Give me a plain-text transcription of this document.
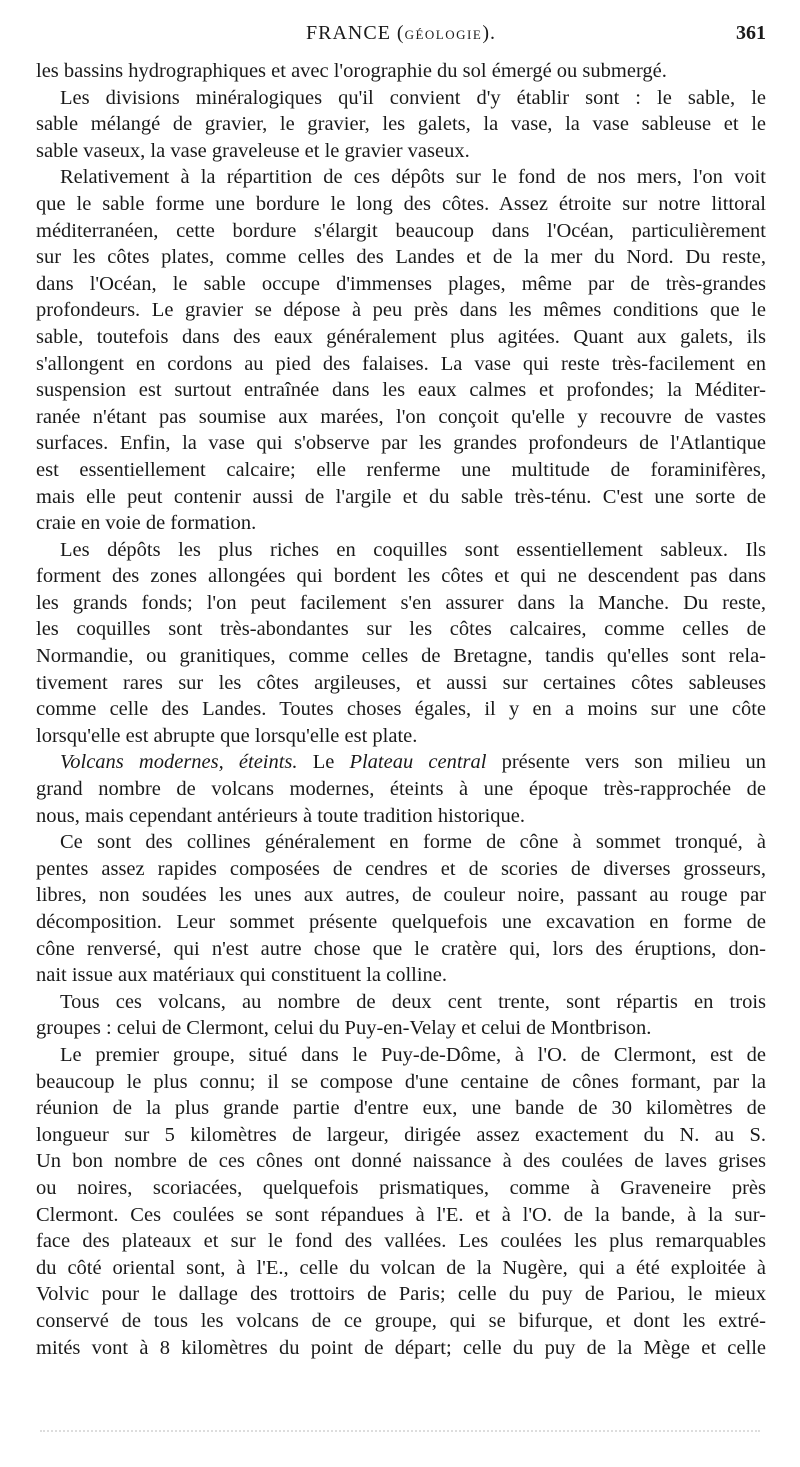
FRANCE (GÉOLOGIE).	361
les bassins hydrographiques et avec l'orographie du sol émergé ou submergé.
Les divisions minéralogiques qu'il convient d'y établir sont : le sable, le
sable mélangé de gravier, le gravier, les galets, la vase, la vase sableuse et le
sable vaseux, la vase graveleuse et le gravier vaseux.
Relativement à la répartition de ces dépôts sur le fond de nos mers, l'on voit
que le sable forme une bordure le long des côtes. Assez étroite sur notre littoral
méditerranéen, cette bordure s'élargit beaucoup dans l'Océan, particulièrement
sur les côtes plates, comme celles des Landes et de la mer du Nord. Du reste,
dans l'Océan, le sable occupe d'immenses plages, même par de très-grandes
profondeurs. Le gravier se dépose à peu près dans les mêmes conditions que le
sable, toutefois dans des eaux généralement plus agitées. Quant aux galets, ils
s'allongent en cordons au pied des falaises. La vase qui reste très-facilement en
suspension est surtout entraînée dans les eaux calmes et profondes; la Méditer-
ranée n'étant pas soumise aux marées, l'on conçoit qu'elle y recouvre de vastes
surfaces. Enfin, la vase qui s'observe par les grandes profondeurs de l'Atlantique
est essentiellement calcaire; elle renferme une multitude de foraminifères,
mais elle peut contenir aussi de l'argile et du sable très-ténu. C'est une sorte de
craie en voie de formation.
Les dépôts les plus riches en coquilles sont essentiellement sableux. Ils
forment des zones allongées qui bordent les côtes et qui ne descendent pas dans
les grands fonds; l'on peut facilement s'en assurer dans la Manche. Du reste,
les coquilles sont très-abondantes sur les côtes calcaires, comme celles de
Normandie, ou granitiques, comme celles de Bretagne, tandis qu'elles sont rela-
tivement rares sur les côtes argileuses, et aussi sur certaines côtes sableuses
comme celle des Landes. Toutes choses égales, il y en a moins sur une côte
lorsqu'elle est abrupte que lorsqu'elle est plate.
Volcans modernes, éteints. Le Plateau central présente vers son milieu un
grand nombre de volcans modernes, éteints à une époque très-rapprochée de
nous, mais cependant antérieurs à toute tradition historique.
Ce sont des collines généralement en forme de cône à sommet tronqué, à
pentes assez rapides composées de cendres et de scories de diverses grosseurs,
libres, non soudées les unes aux autres, de couleur noire, passant au rouge par
décomposition. Leur sommet présente quelquefois une excavation en forme de
cône renversé, qui n'est autre chose que le cratère qui, lors des éruptions, don-
nait issue aux matériaux qui constituent la colline.
Tous ces volcans, au nombre de deux cent trente, sont répartis en trois
groupes : celui de Clermont, celui du Puy-en-Velay et celui de Montbrison.
Le premier groupe, situé dans le Puy-de-Dôme, à l'O. de Clermont, est de
beaucoup le plus connu; il se compose d'une centaine de cônes formant, par la
réunion de la plus grande partie d'entre eux, une bande de 30 kilomètres de
longueur sur 5 kilomètres de largeur, dirigée assez exactement du N. au S.
Un bon nombre de ces cônes ont donné naissance à des coulées de laves grises
ou noires, scoriacées, quelquefois prismatiques, comme à Graveneire près
Clermont. Ces coulées se sont répandues à l'E. et à l'O. de la bande, à la sur-
face des plateaux et sur le fond des vallées. Les coulées les plus remarquables
du côté oriental sont, à l'E., celle du volcan de la Nugère, qui a été exploitée à
Volvic pour le dallage des trottoirs de Paris; celle du puy de Pariou, le mieux
conservé de tous les volcans de ce groupe, qui se bifurque, et dont les extré-
mités vont à 8 kilomètres du point de départ; celle du puy de la Mège et celle
